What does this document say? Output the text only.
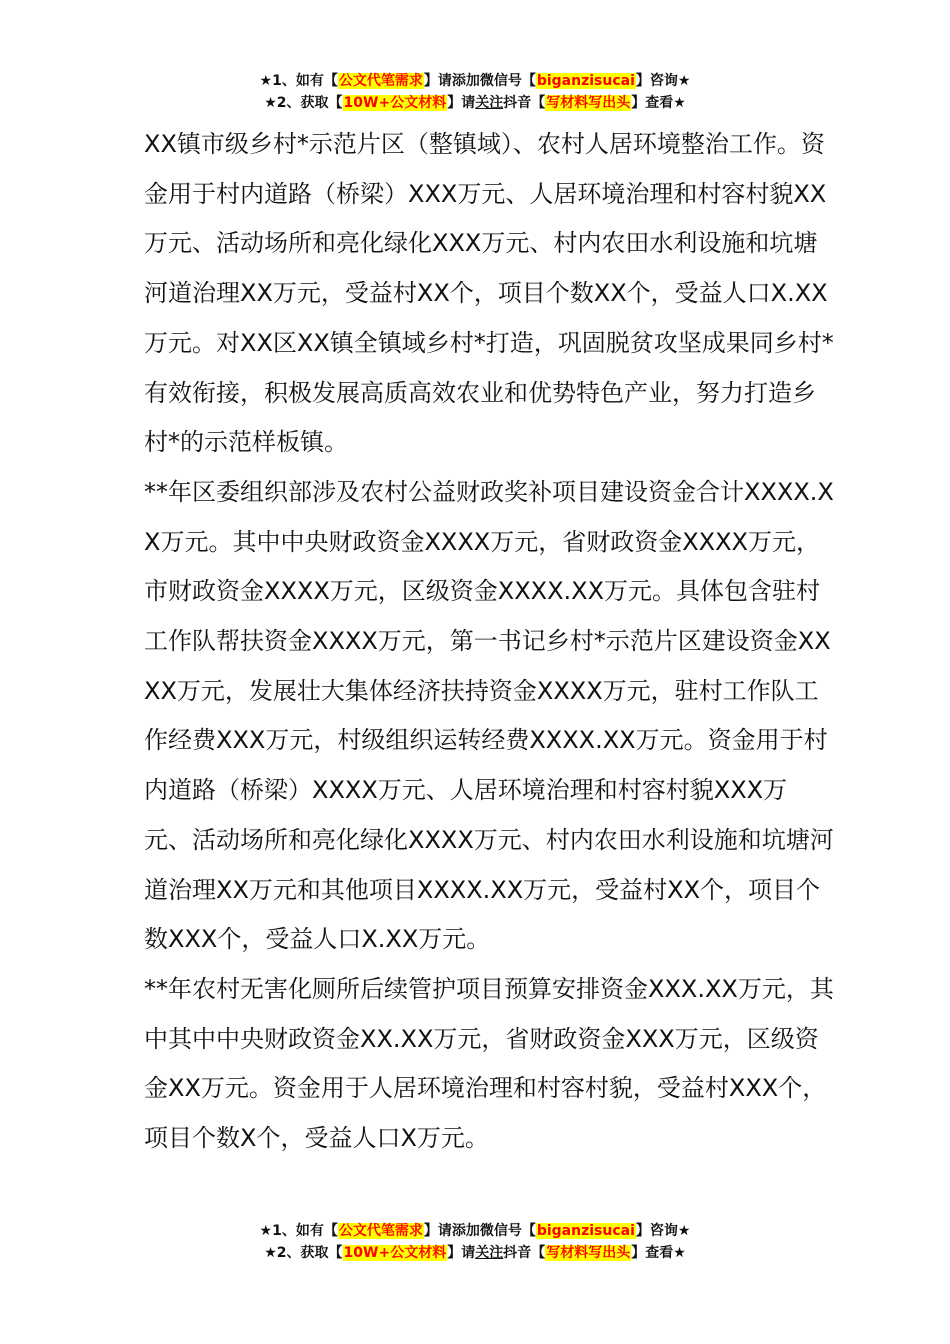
★1、如有【公文代笔需求】请添加微信号【biganzisucai】咨询★
★2、获取【10W+公文材料】请关注抖音【写材料写出头】查看★

XX镇市级乡村*示范片区（整镇域）、农村人居环境整治工作。资金用于村内道路（桥梁）XXX万元、人居环境治理和村容村貌XX万元、活动场所和亮化绿化XXX万元、村内农田水利设施和坑塘河道治理XX万元，受益村XX个，项目个数XX个，受益人口X.XX万元。对XX区XX镇全镇域乡村*打造，巩固脱贫攻坚成果同乡村*有效衔接，积极发展高质高效农业和优势特色产业，努力打造乡村*的示范样板镇。

**年区委组织部涉及农村公益财政奖补项目建设资金合计XXXX.XX万元。其中中央财政资金XXXX万元，省财政资金XXXX万元，市财政资金XXXX万元，区级资金XXXX.XX万元。具体包含驻村工作队帮扶资金XXXX万元，第一书记乡村*示范片区建设资金XXXX万元，发展壮大集体经济扶持资金XXXX万元，驻村工作队工作经费XXX万元，村级组织运转经费XXXX.XX万元。资金用于村内道路（桥梁）XXXX万元、人居环境治理和村容村貌XXX万元、活动场所和亮化绿化XXXX万元、村内农田水利设施和坑塘河道治理XX万元和其他项目XXXX.XX万元，受益村XX个，项目个数XXX个，受益人口X.XX万元。

**年农村无害化厕所后续管护项目预算安排资金XXX.XX万元，其中其中中央财政资金XX.XX万元，省财政资金XXX万元，区级资金XX万元。资金用于人居环境治理和村容村貌，受益村XXX个，项目个数X个，受益人口X万元。

★1、如有【公文代笔需求】请添加微信号【biganzisucai】咨询★
★2、获取【10W+公文材料】请关注抖音【写材料写出头】查看★
